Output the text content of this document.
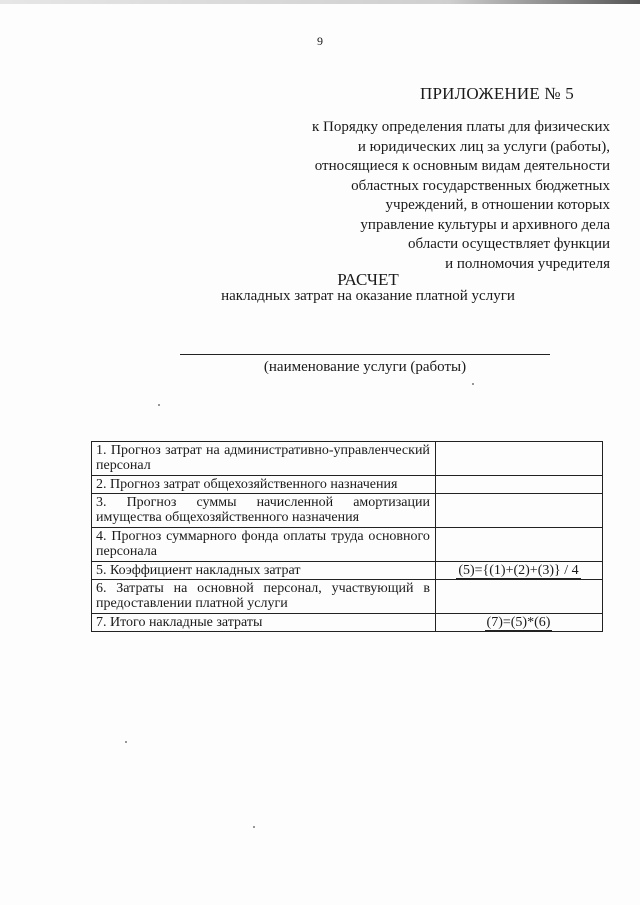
9
ПРИЛОЖЕНИЕ № 5
к Порядку определения платы для физических
и юридических лиц за услуги (работы),
относящиеся к основным видам деятельности
областных государственных бюджетных
учреждений, в отношении которых
управление культуры и архивного дела
области осуществляет функции
и полномочия учредителя
РАСЧЕТ
накладных затрат на оказание платной услуги
(наименование услуги (работы)
1. Прогноз затрат на административно-управленческий персонал	
2. Прогноз затрат общехозяйственного назначения	
3. Прогноз суммы начисленной амортизации имущества общехозяйственного назначения	
4. Прогноз суммарного фонда оплаты труда основного персонала	
5. Коэффициент накладных затрат	(5)={(1)+(2)+(3)} / 4
6. Затраты на основной персонал, участвующий в предоставлении платной услуги	
7. Итого накладные затраты	(7)=(5)*(6)
